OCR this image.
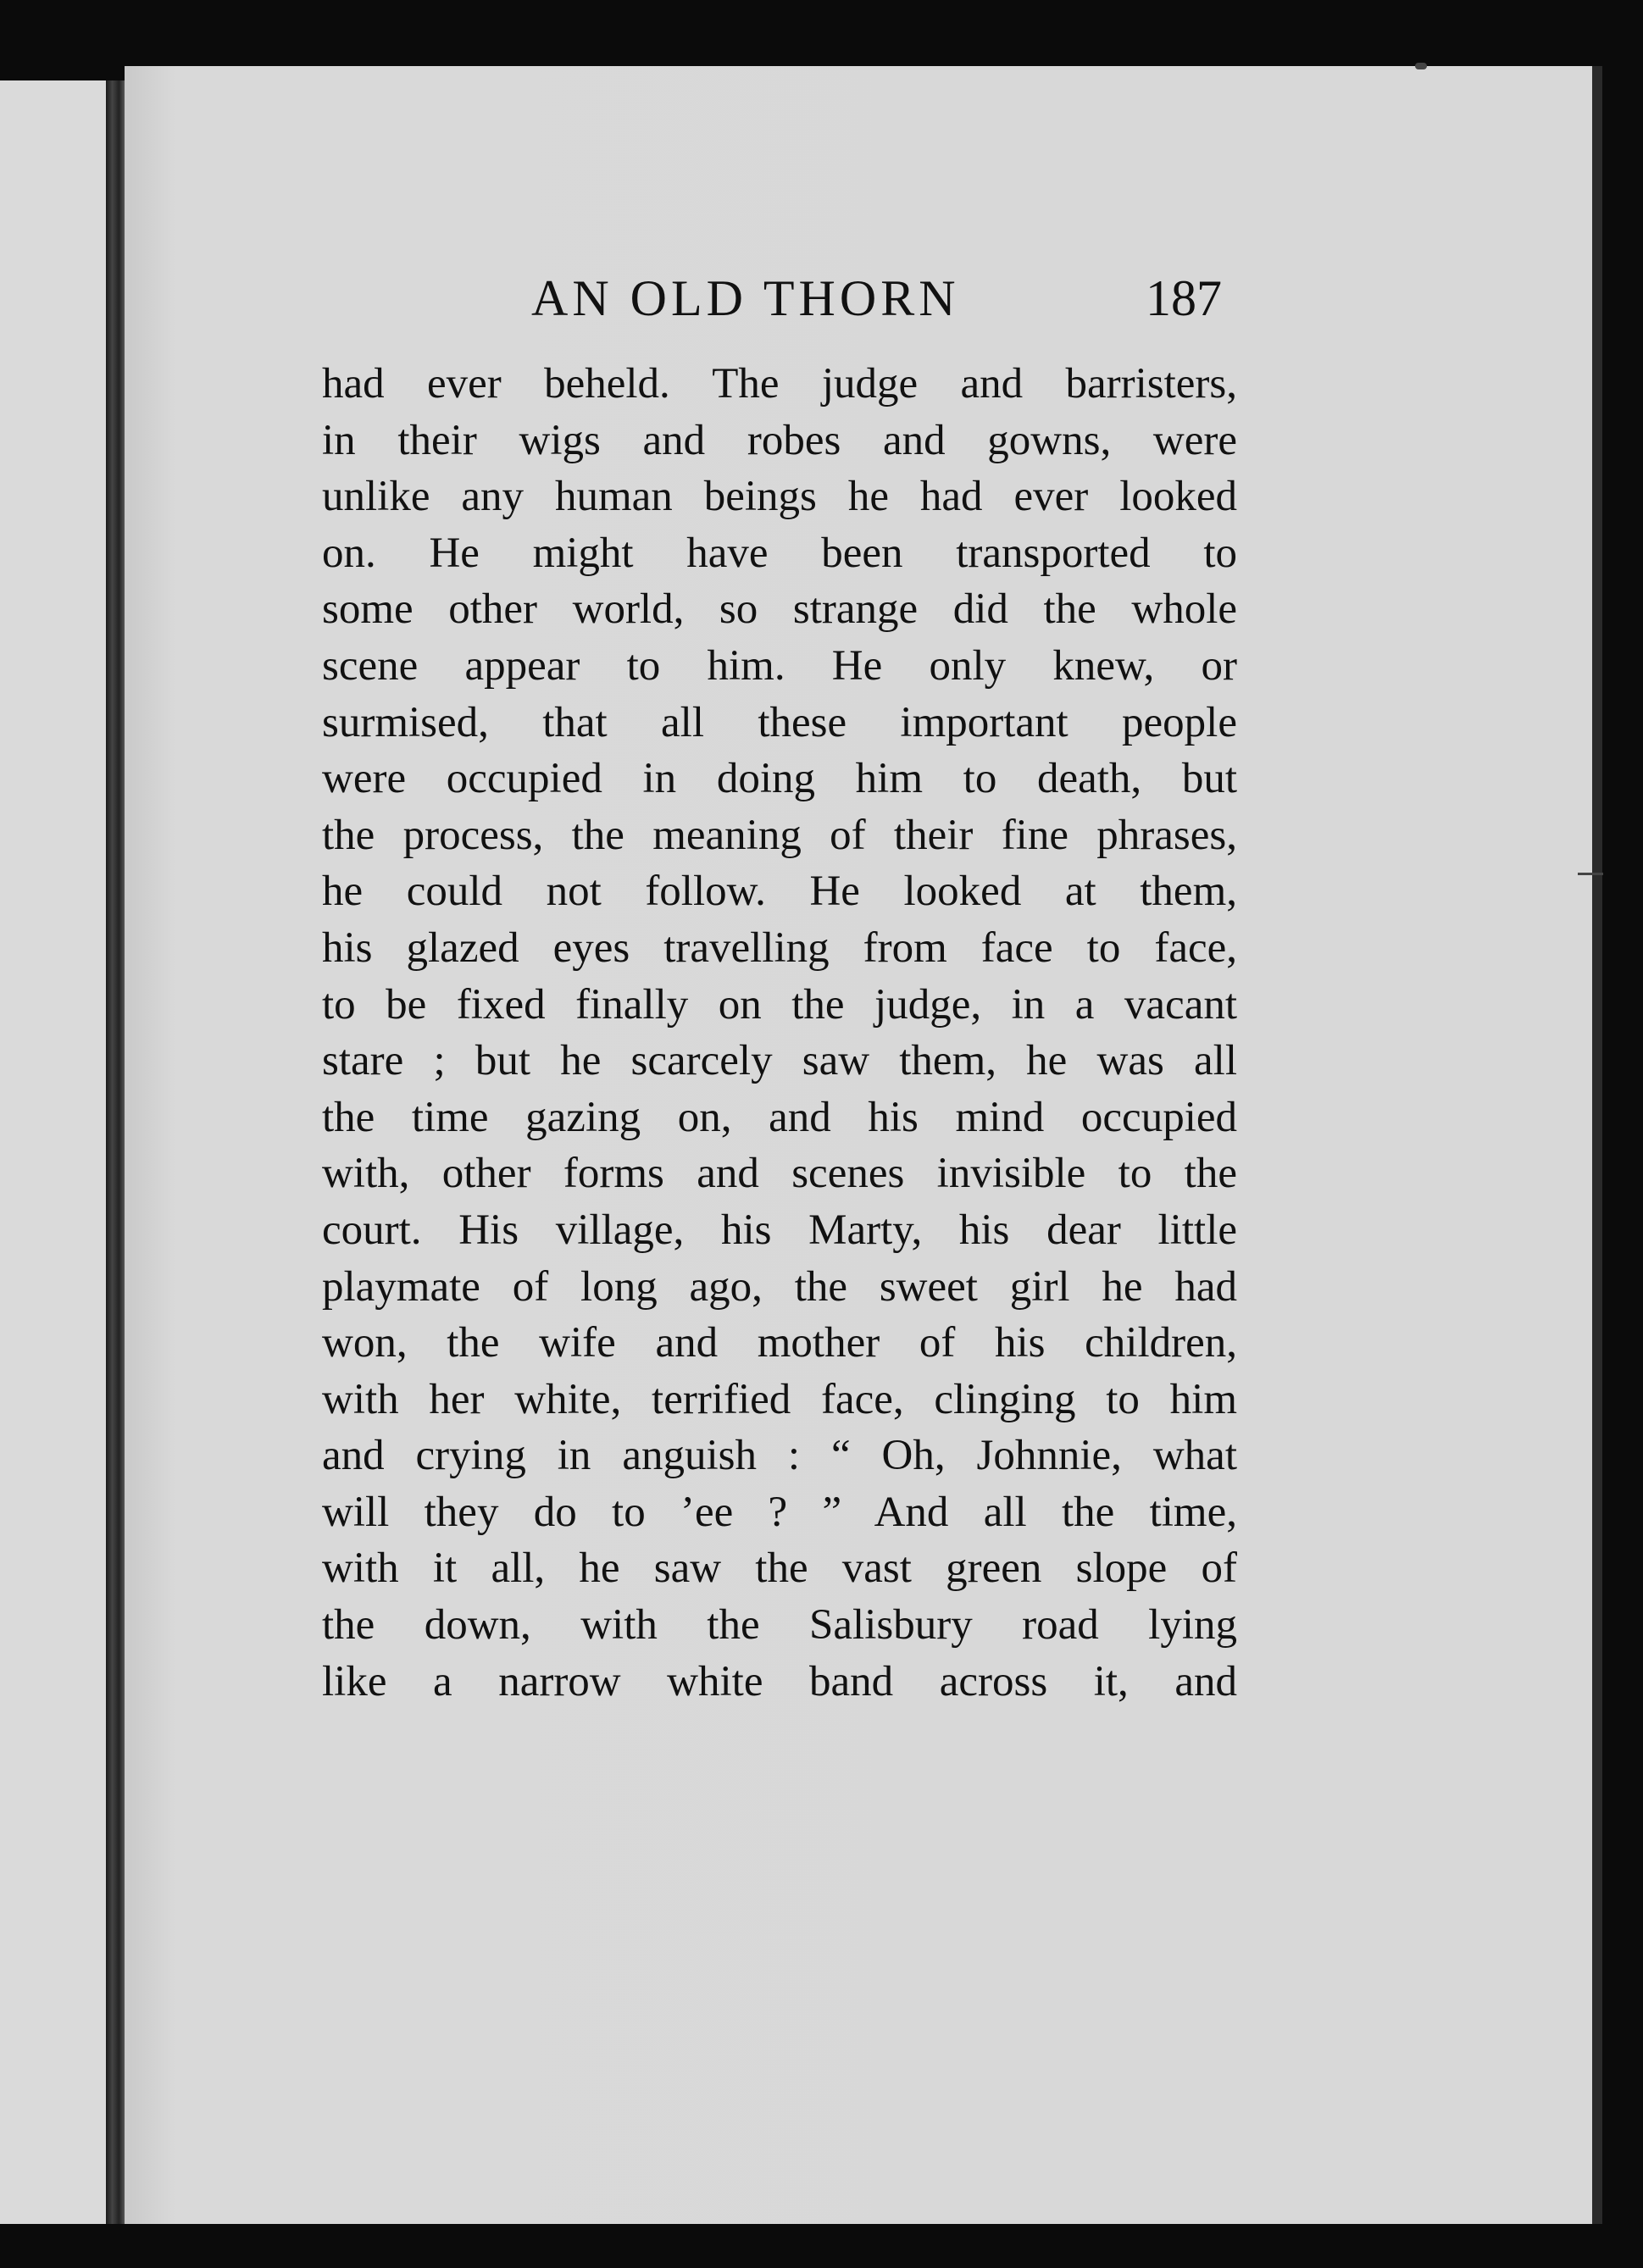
AN OLD THORN	187
had ever beheld. The judge and barristers,
in their wigs and robes and gowns, were
unlike any human beings he had ever looked
on. He might have been transported to
some other world, so strange did the whole
scene appear to him. He only knew, or
surmised, that all these important people
were occupied in doing him to death, but
the process, the meaning of their fine phrases,
he could not follow. He looked at them,
his glazed eyes travelling from face to face,
to be fixed finally on the judge, in a vacant
stare ; but he scarcely saw them, he was all
the time gazing on, and his mind occupied
with, other forms and scenes invisible to the
court. His village, his Marty, his dear little
playmate of long ago, the sweet girl he had
won, the wife and mother of his children,
with her white, terrified face, clinging to him
and crying in anguish : “ Oh, Johnnie, what
will they do to ’ee ? ” And all the time,
with it all, he saw the vast green slope of
the down, with the Salisbury road lying
like a narrow white band across it, and
